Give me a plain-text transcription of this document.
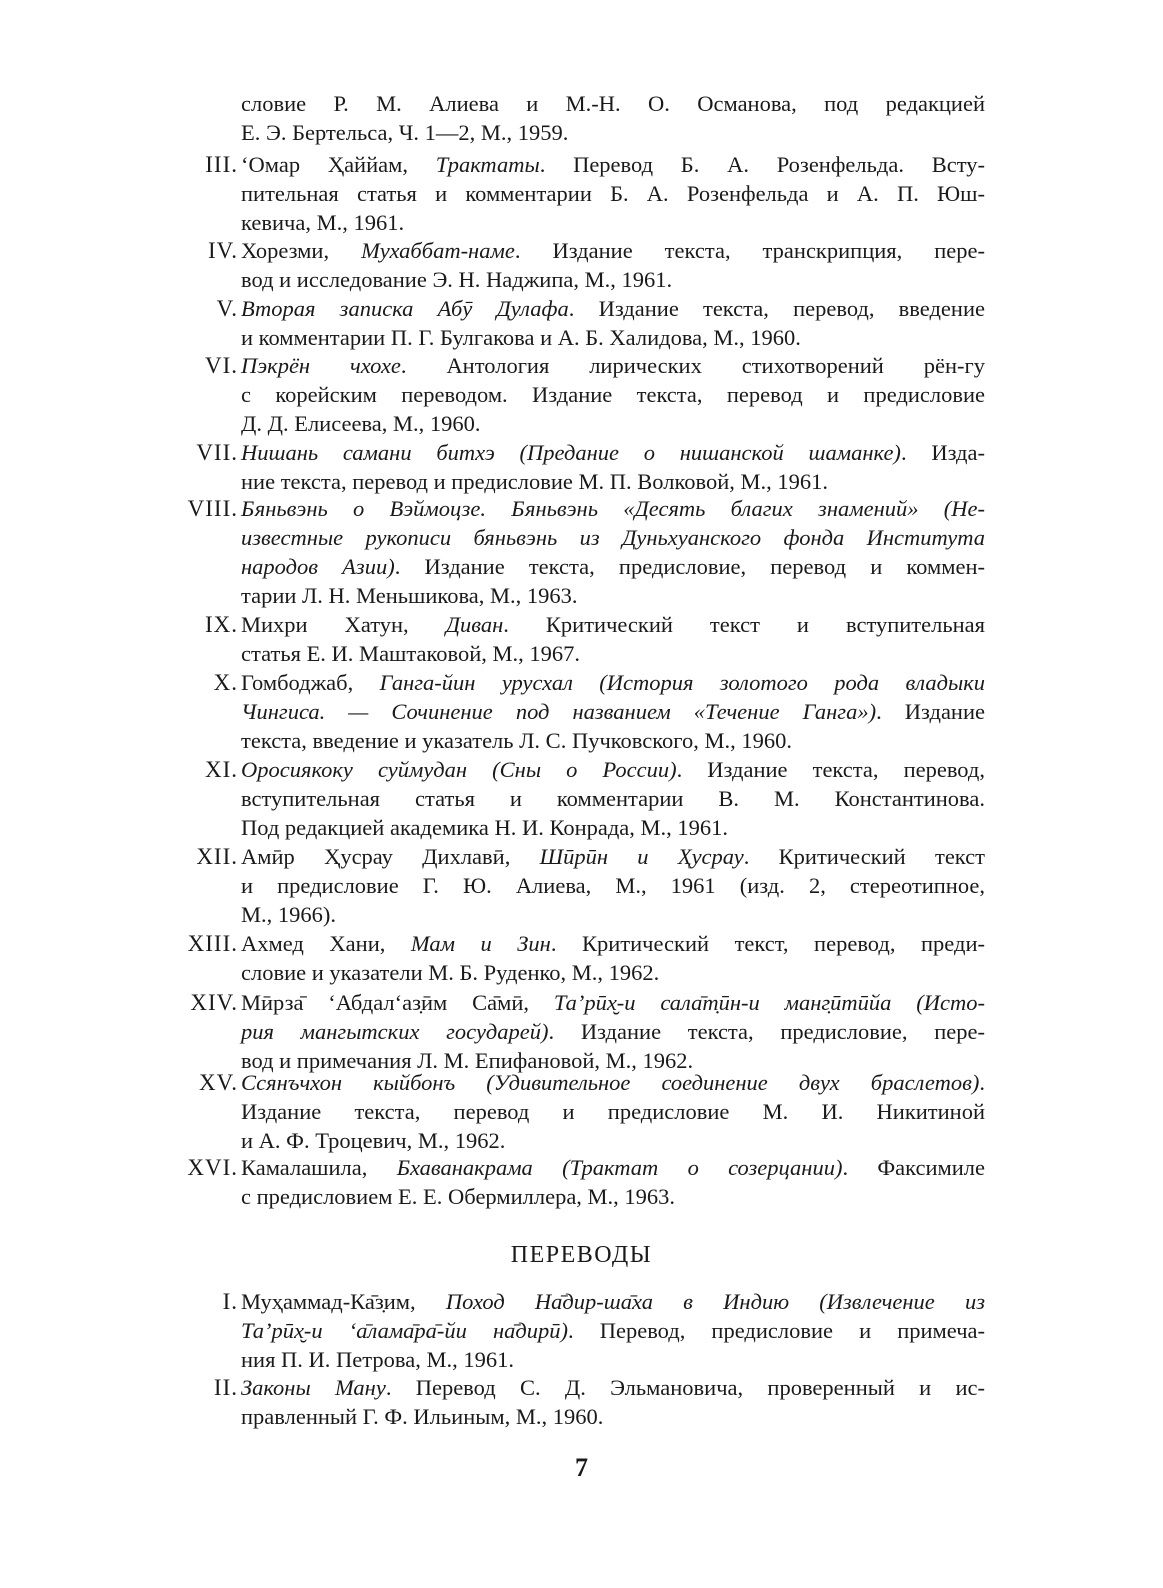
словие Р. М. Алиева и М.-Н. О. Османова, под редакцией
Е. Э. Бертельса, Ч. 1—2, М., 1959.
III. ‘Омар Ҳаййам, Трактаты. Перевод Б. А. Розенфельда. Всту-
пительная статья и комментарии Б. А. Розенфельда и А. П. Юш-
кевича, М., 1961.
IV. Хорезми, Мухаббат-наме. Издание текста, транскрипция, пере-
вод и исследование Э. Н. Наджипа, М., 1961.
V. Вторая записка Абӯ Дулафа. Издание текста, перевод, введение
и комментарии П. Г. Булгакова и А. Б. Халидова, М., 1960.
VI. Пэкрён чхохе. Антология лирических стихотворений рён-гу
с корейским переводом. Издание текста, перевод и предисловие
Д. Д. Елисеева, М., 1960.
VII. Нишань самани битхэ (Предание о нишанской шаманке). Изда-
ние текста, перевод и предисловие М. П. Волковой, М., 1961.
VIII. Бяньвэнь о Вэймоцзе. Бяньвэнь «Десять благих знамений» (Не-
известные рукописи бяньвэнь из Дуньхуанского фонда Института
народов Азии). Издание текста, предисловие, перевод и коммен-
тарии Л. Н. Меньшикова, М., 1963.
IX. Михри Хатун, Диван. Критический текст и вступительная
статья Е. И. Маштаковой, М., 1967.
X. Гомбоджаб, Ганга-йин урусхал (История золотого рода владыки
Чингиса. — Сочинение под названием «Течение Ганга»). Издание
текста, введение и указатель Л. С. Пучковского, М., 1960.
XI. Оросиякоку суймудан (Сны о России). Издание текста, перевод,
вступительная статья и комментарии В. М. Константинова.
Под редакцией академика Н. И. Конрада, М., 1961.
XII. Амӣр Ҳусрау Дихлавӣ, Шӣрӣн и Ҳусрау. Критический текст
и предисловие Г. Ю. Алиева, М., 1961 (изд. 2, стереотипное,
М., 1966).
XIII. Ахмед Хани, Мам и Зин. Критический текст, перевод, преди-
словие и указатели М. Б. Руденко, М., 1962.
XIV. Мӣрза̄ ‘Абдал‘аз̣ӣм Са̄мӣ, Та’рӣх̮-и сала̄т̣ӣн-и манг̣ӣтӣйа (Исто-
рия мангытских государей). Издание текста, предисловие, пере-
вод и примечания Л. М. Епифановой, М., 1962.
XV. Ссянъчхон кыйбонъ (Удивительное соединение двух браслетов).
Издание текста, перевод и предисловие М. И. Никитиной
и А. Ф. Троцевич, М., 1962.
XVI. Камалашила, Бхаванакрама (Трактат о созерцании). Факсимиле
с предисловием Е. Е. Обермиллера, М., 1963.
ПЕРЕВОДЫ
I. Муҳаммад-Ка̄з̣им, Поход На̄дир-ша̄ха в Индию (Извлечение из
Та’рӣх̮-и ‘а̄лама̄ра̄-йи на̄дирӣ). Перевод, предисловие и примеча-
ния П. И. Петрова, М., 1961.
II. Законы Ману. Перевод С. Д. Эльмановича, проверенный и ис-
правленный Г. Ф. Ильиным, М., 1960.
7
